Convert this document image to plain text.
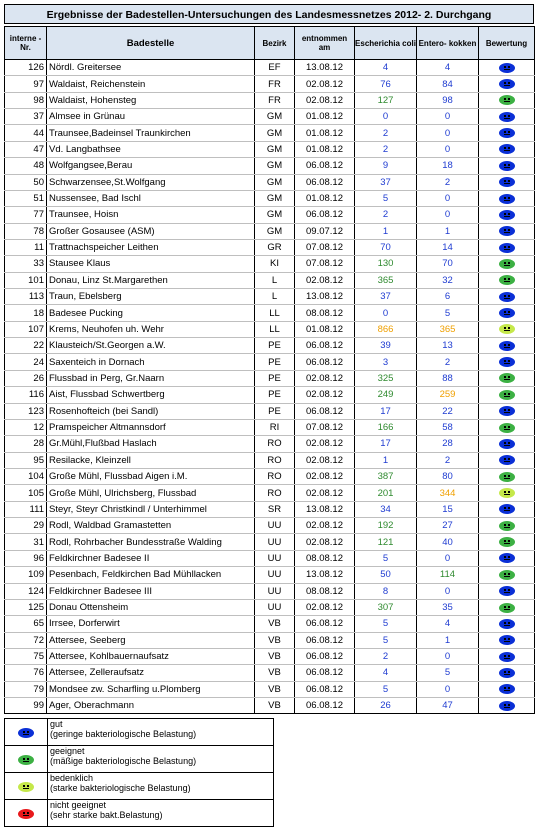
Ergebnisse der Badestellen-Untersuchungen des Landesmessnetzes 2012- 2. Durchgang
interne -Nr.	Badestelle	Bezirk	entnommen am	Escherichia coli	Entero- kokken	Bewertung
126	Nördl. Greitersee	EF	13.08.12	4	4	
97	Waldaist, Reichenstein	FR	02.08.12	76	84	
98	Waldaist, Hohensteg	FR	02.08.12	127	98	
37	Almsee in Grünau	GM	01.08.12	0	0	
44	Traunsee,Badeinsel Traunkirchen	GM	01.08.12	2	0	
47	Vd. Langbathsee	GM	01.08.12	2	0	
48	Wolfgangsee,Berau	GM	06.08.12	9	18	
50	Schwarzensee,St.Wolfgang	GM	06.08.12	37	2	
51	Nussensee, Bad Ischl	GM	01.08.12	5	0	
77	Traunsee, Hoisn	GM	06.08.12	2	0	
78	Großer Gosausee (ASM)	GM	09.07.12	1	1	
11	Trattnachspeicher Leithen	GR	07.08.12	70	14	
33	Stausee Klaus	KI	07.08.12	130	70	
101	Donau, Linz St.Margarethen	L	02.08.12	365	32	
113	Traun, Ebelsberg	L	13.08.12	37	6	
18	Badesee Pucking	LL	08.08.12	0	5	
107	Krems, Neuhofen uh. Wehr	LL	01.08.12	866	365	
22	Klausteich/St.Georgen a.W.	PE	06.08.12	39	13	
24	Saxenteich in Dornach	PE	06.08.12	3	2	
26	Flussbad in Perg, Gr.Naarn	PE	02.08.12	325	88	
116	Aist, Flussbad Schwertberg	PE	02.08.12	249	259	
123	Rosenhofteich (bei Sandl)	PE	06.08.12	17	22	
12	Pramspeicher Altmannsdorf	RI	07.08.12	166	58	
28	Gr.Mühl,Flußbad Haslach	RO	02.08.12	17	28	
95	Resilacke, Kleinzell	RO	02.08.12	1	2	
104	Große Mühl, Flussbad Aigen i.M.	RO	02.08.12	387	80	
105	Große Mühl, Ulrichsberg, Flussbad	RO	02.08.12	201	344	
111	Steyr, Steyr Christkindl / Unterhimmel	SR	13.08.12	34	15	
29	Rodl, Waldbad Gramastetten	UU	02.08.12	192	27	
31	Rodl, Rohrbacher Bundesstraße Walding	UU	02.08.12	121	40	
96	Feldkirchner Badesee II	UU	08.08.12	5	0	
109	Pesenbach, Feldkirchen Bad Mühllacken	UU	13.08.12	50	114	
124	Feldkirchner Badesee III	UU	08.08.12	8	0	
125	Donau Ottensheim	UU	02.08.12	307	35	
65	Irrsee, Dorferwirt	VB	06.08.12	5	4	
72	Attersee, Seeberg	VB	06.08.12	5	1	
75	Attersee, Kohlbauernaufsatz	VB	06.08.12	2	0	
76	Attersee, Zelleraufsatz	VB	06.08.12	4	5	
79	Mondsee zw. Scharfling u.Plomberg	VB	06.08.12	5	0	
99	Ager, Oberachmann	VB	06.08.12	26	47	

	gut
(geringe bakteriologische Belastung)

	geeignet
(mäßige bakteriologische Belastung)

	bedenklich
(starke bakteriologische Belastung)

	nicht geeignet
(sehr starke bakt.Belastung)
